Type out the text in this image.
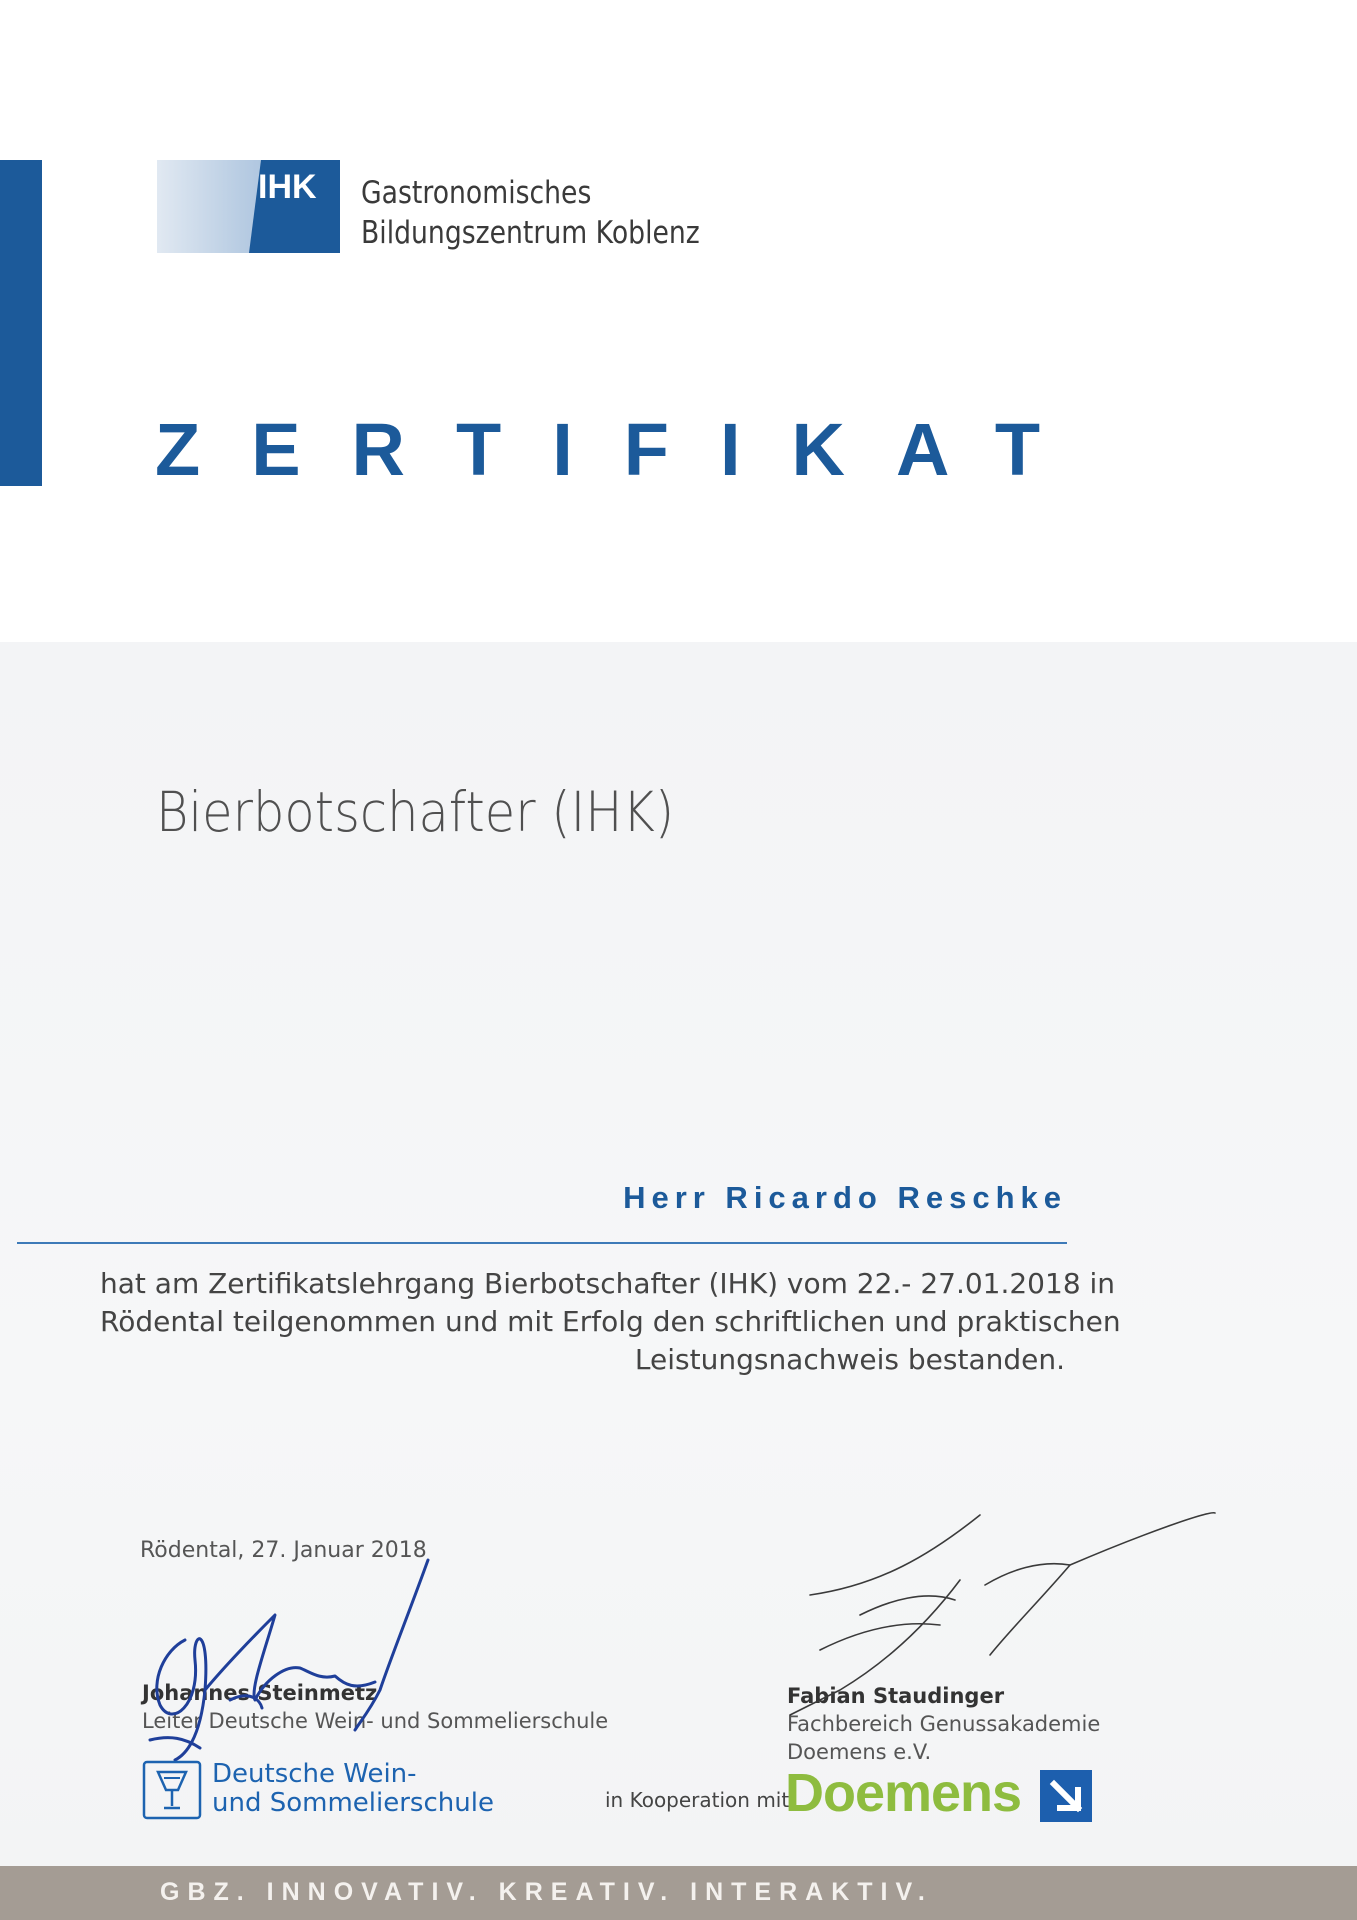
IHK Gastronomisches
Bildungszentrum Koblenz
ZERTIFIKAT
Bierbotschafter (IHK)
Herr Ricardo Reschke
hat am Zertifikatslehrgang Bierbotschafter (IHK) vom 22.- 27.01.2018 in
Rödental teilgenommen und mit Erfolg den schriftlichen und praktischen
Leistungsnachweis bestanden.
Rödental, 27. Januar 2018
Johannes Steinmetz
Leiter Deutsche Wein- und Sommelierschule
Fabian Staudinger
Fachbereich Genussakademie
Doemens e.V.
Deutsche Wein-
und Sommelierschule	in Kooperation mit
Doemens
GBZ. INNOVATIV. KREATIV. INTERAKTIV.
